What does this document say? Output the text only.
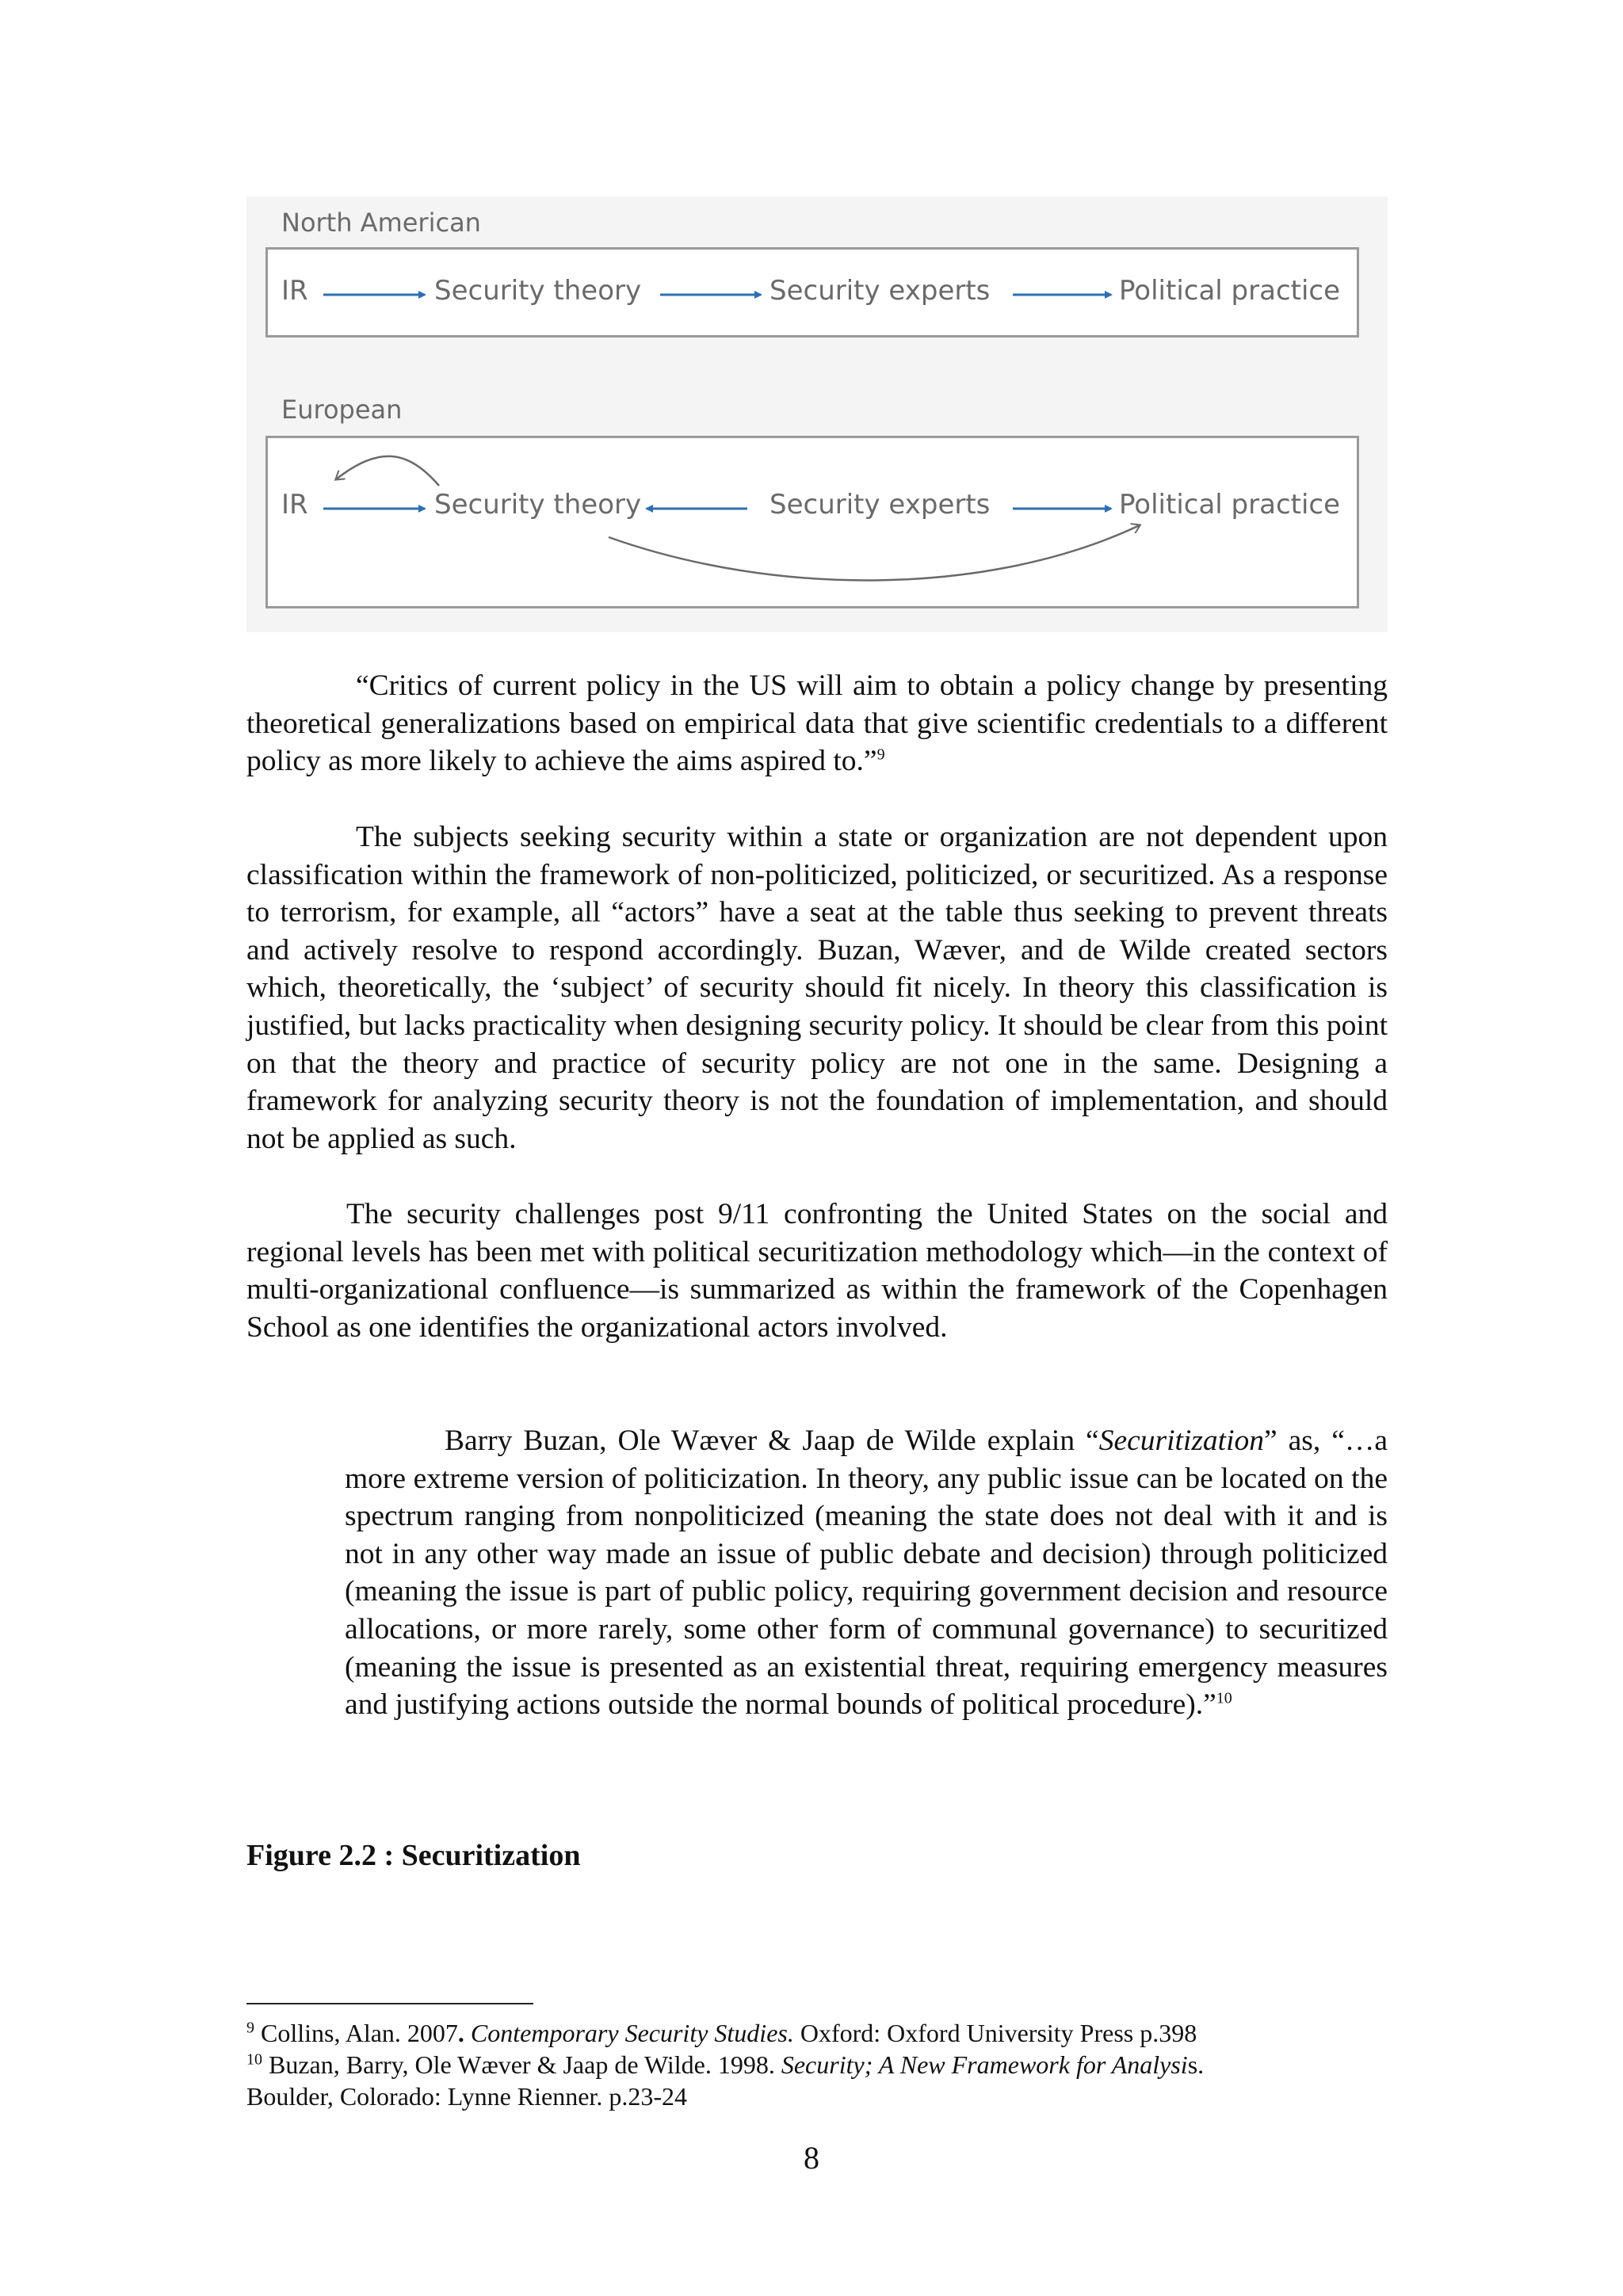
North American
IR	Security theory	Security experts	Political practice
European
IR	Security theory	Security experts	Political practice

“Critics of current policy in the US will aim to obtain a policy change by presenting theoretical generalizations based on empirical data that give scientific credentials to a different policy as more likely to achieve the aims aspired to.”$^9$

The subjects seeking security within a state or organization are not dependent upon classification within the framework of non-politicized, politicized, or securitized. As a response to terrorism, for example, all “actors” have a seat at the table thus seeking to prevent threats and actively resolve to respond accordingly. Buzan, Wæver, and de Wilde created sectors which, theoretically, the ‘subject’ of security should fit nicely. In theory this classification is justified, but lacks practicality when designing security policy. It should be clear from this point on that the theory and practice of security policy are not one in the same. Designing a framework for analyzing security theory is not the foundation of implementation, and should not be applied as such.

The security challenges post 9/11 confronting the United States on the social and regional levels has been met with political securitization methodology which—in the context of multi-organizational confluence—is summarized as within the framework of the Copenhagen School as one identifies the organizational actors involved.

Barry Buzan, Ole Wæver & Jaap de Wilde explain “Securitization” as, “…a more extreme version of politicization. In theory, any public issue can be located on the spectrum ranging from nonpoliticized (meaning the state does not deal with it and is not in any other way made an issue of public debate and decision) through politicized (meaning the issue is part of public policy, requiring government decision and resource allocations, or more rarely, some other form of communal governance) to securitized (meaning the issue is presented as an existential threat, requiring emergency measures and justifying actions outside the normal bounds of political procedure).”$^{10}$

Figure 2.2 : Securitization

$^9$ Collins, Alan. 2007. Contemporary Security Studies. Oxford: Oxford University Press p.398

$^{10}$ Buzan, Barry, Ole Wæver & Jaap de Wilde. 1998. Security; A New Framework for Analysis.
Boulder, Colorado: Lynne Rienner. p.23-24

8
